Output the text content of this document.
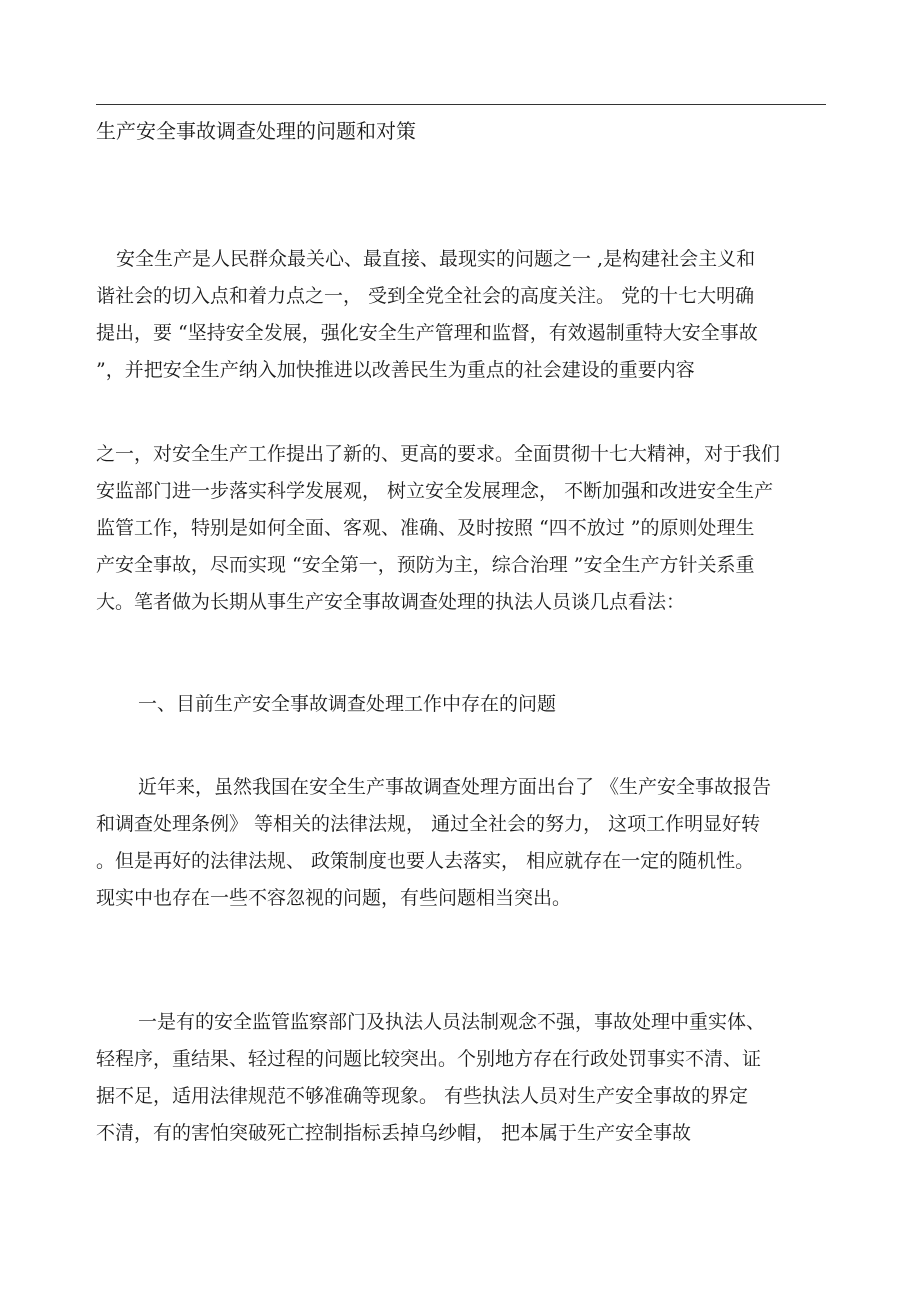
生产安全事故调查处理的问题和对策
安全生产是人民群众最关心、最直接、最现实的问题之一 ,是构建社会主义和
谐社会的切入点和着力点之一， 受到全党全社会的高度关注。 党的十七大明确
提出，要 “坚持安全发展，强化安全生产管理和监督，有效遏制重特大安全事故
”，并把安全生产纳入加快推进以改善民生为重点的社会建设的重要内容
之一，对安全生产工作提出了新的、更高的要求。全面贯彻十七大精神，对于我们
安监部门进一步落实科学发展观， 树立安全发展理念， 不断加强和改进安全生产
监管工作，特别是如何全面、客观、准确、及时按照 “四不放过 ”的原则处理生
产安全事故，尽而实现 “安全第一，预防为主，综合治理 ”安全生产方针关系重
大。笔者做为长期从事生产安全事故调查处理的执法人员谈几点看法：
一、目前生产安全事故调查处理工作中存在的问题
近年来，虽然我国在安全生产事故调查处理方面出台了 《生产安全事故报告
和调查处理条例》 等相关的法律法规， 通过全社会的努力， 这项工作明显好转
。但是再好的法律法规、 政策制度也要人去落实， 相应就存在一定的随机性。
现实中也存在一些不容忽视的问题，有些问题相当突出。
一是有的安全监管监察部门及执法人员法制观念不强，事故处理中重实体、
轻程序，重结果、轻过程的问题比较突出。个别地方存在行政处罚事实不清、证
据不足，适用法律规范不够准确等现象。 有些执法人员对生产安全事故的界定
不清，有的害怕突破死亡控制指标丢掉乌纱帽， 把本属于生产安全事故
